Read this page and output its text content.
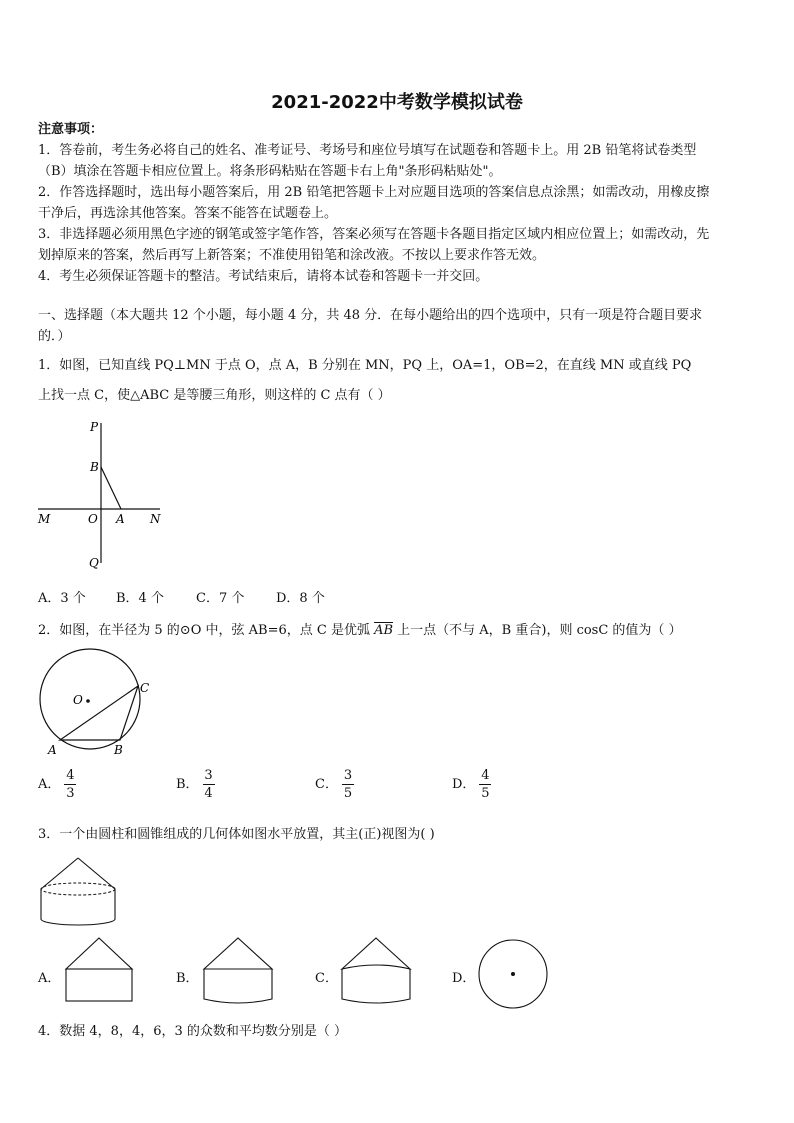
2021-2022中考数学模拟试卷
注意事项：
1．答卷前，考生务必将自己的姓名、准考证号、考场号和座位号填写在试题卷和答题卡上。用 2B 铅笔将试卷类型
（B）填涂在答题卡相应位置上。将条形码粘贴在答题卡右上角"条形码粘贴处"。
2．作答选择题时，选出每小题答案后，用 2B 铅笔把答题卡上对应题目选项的答案信息点涂黑；如需改动，用橡皮擦
干净后，再选涂其他答案。答案不能答在试题卷上。
3．非选择题必须用黑色字迹的钢笔或签字笔作答，答案必须写在答题卡各题目指定区域内相应位置上；如需改动，先
划掉原来的答案，然后再写上新答案；不准使用铅笔和涂改液。不按以上要求作答无效。
4．考生必须保证答题卡的整洁。考试结束后，请将本试卷和答题卡一并交回。
一、选择题（本大题共 12 个小题，每小题 4 分，共 48 分．在每小题给出的四个选项中，只有一项是符合题目要求
的．）
1．如图，已知直线 PQ⊥MN 于点 O，点 A，B 分别在 MN，PQ 上，OA=1，OB=2，在直线 MN 或直线 PQ
上找一点 C，使△ABC 是等腰三角形，则这样的 C 点有（ ）
P
B
M	O A N
Q
A．3 个 B．4 个 C．7 个 D．8 个
2．如图，在半径为 5 的⊙O 中，弦 AB=6，点 C 是优弧 $\overline{AB}$ 上一点（不与 A，B 重合)，则 cosC 的值为（ ）
O
A	B
C
A． $\frac{4}{3}$	B． $\frac{3}{4}$	C． $\frac{3}{5}$	D． $\frac{4}{5}$
3．一个由圆柱和圆锥组成的几何体如图水平放置，其主(正)视图为( )
A．	B．	C．	D．
4．数据 4，8，4，6，3 的众数和平均数分别是（ ）
